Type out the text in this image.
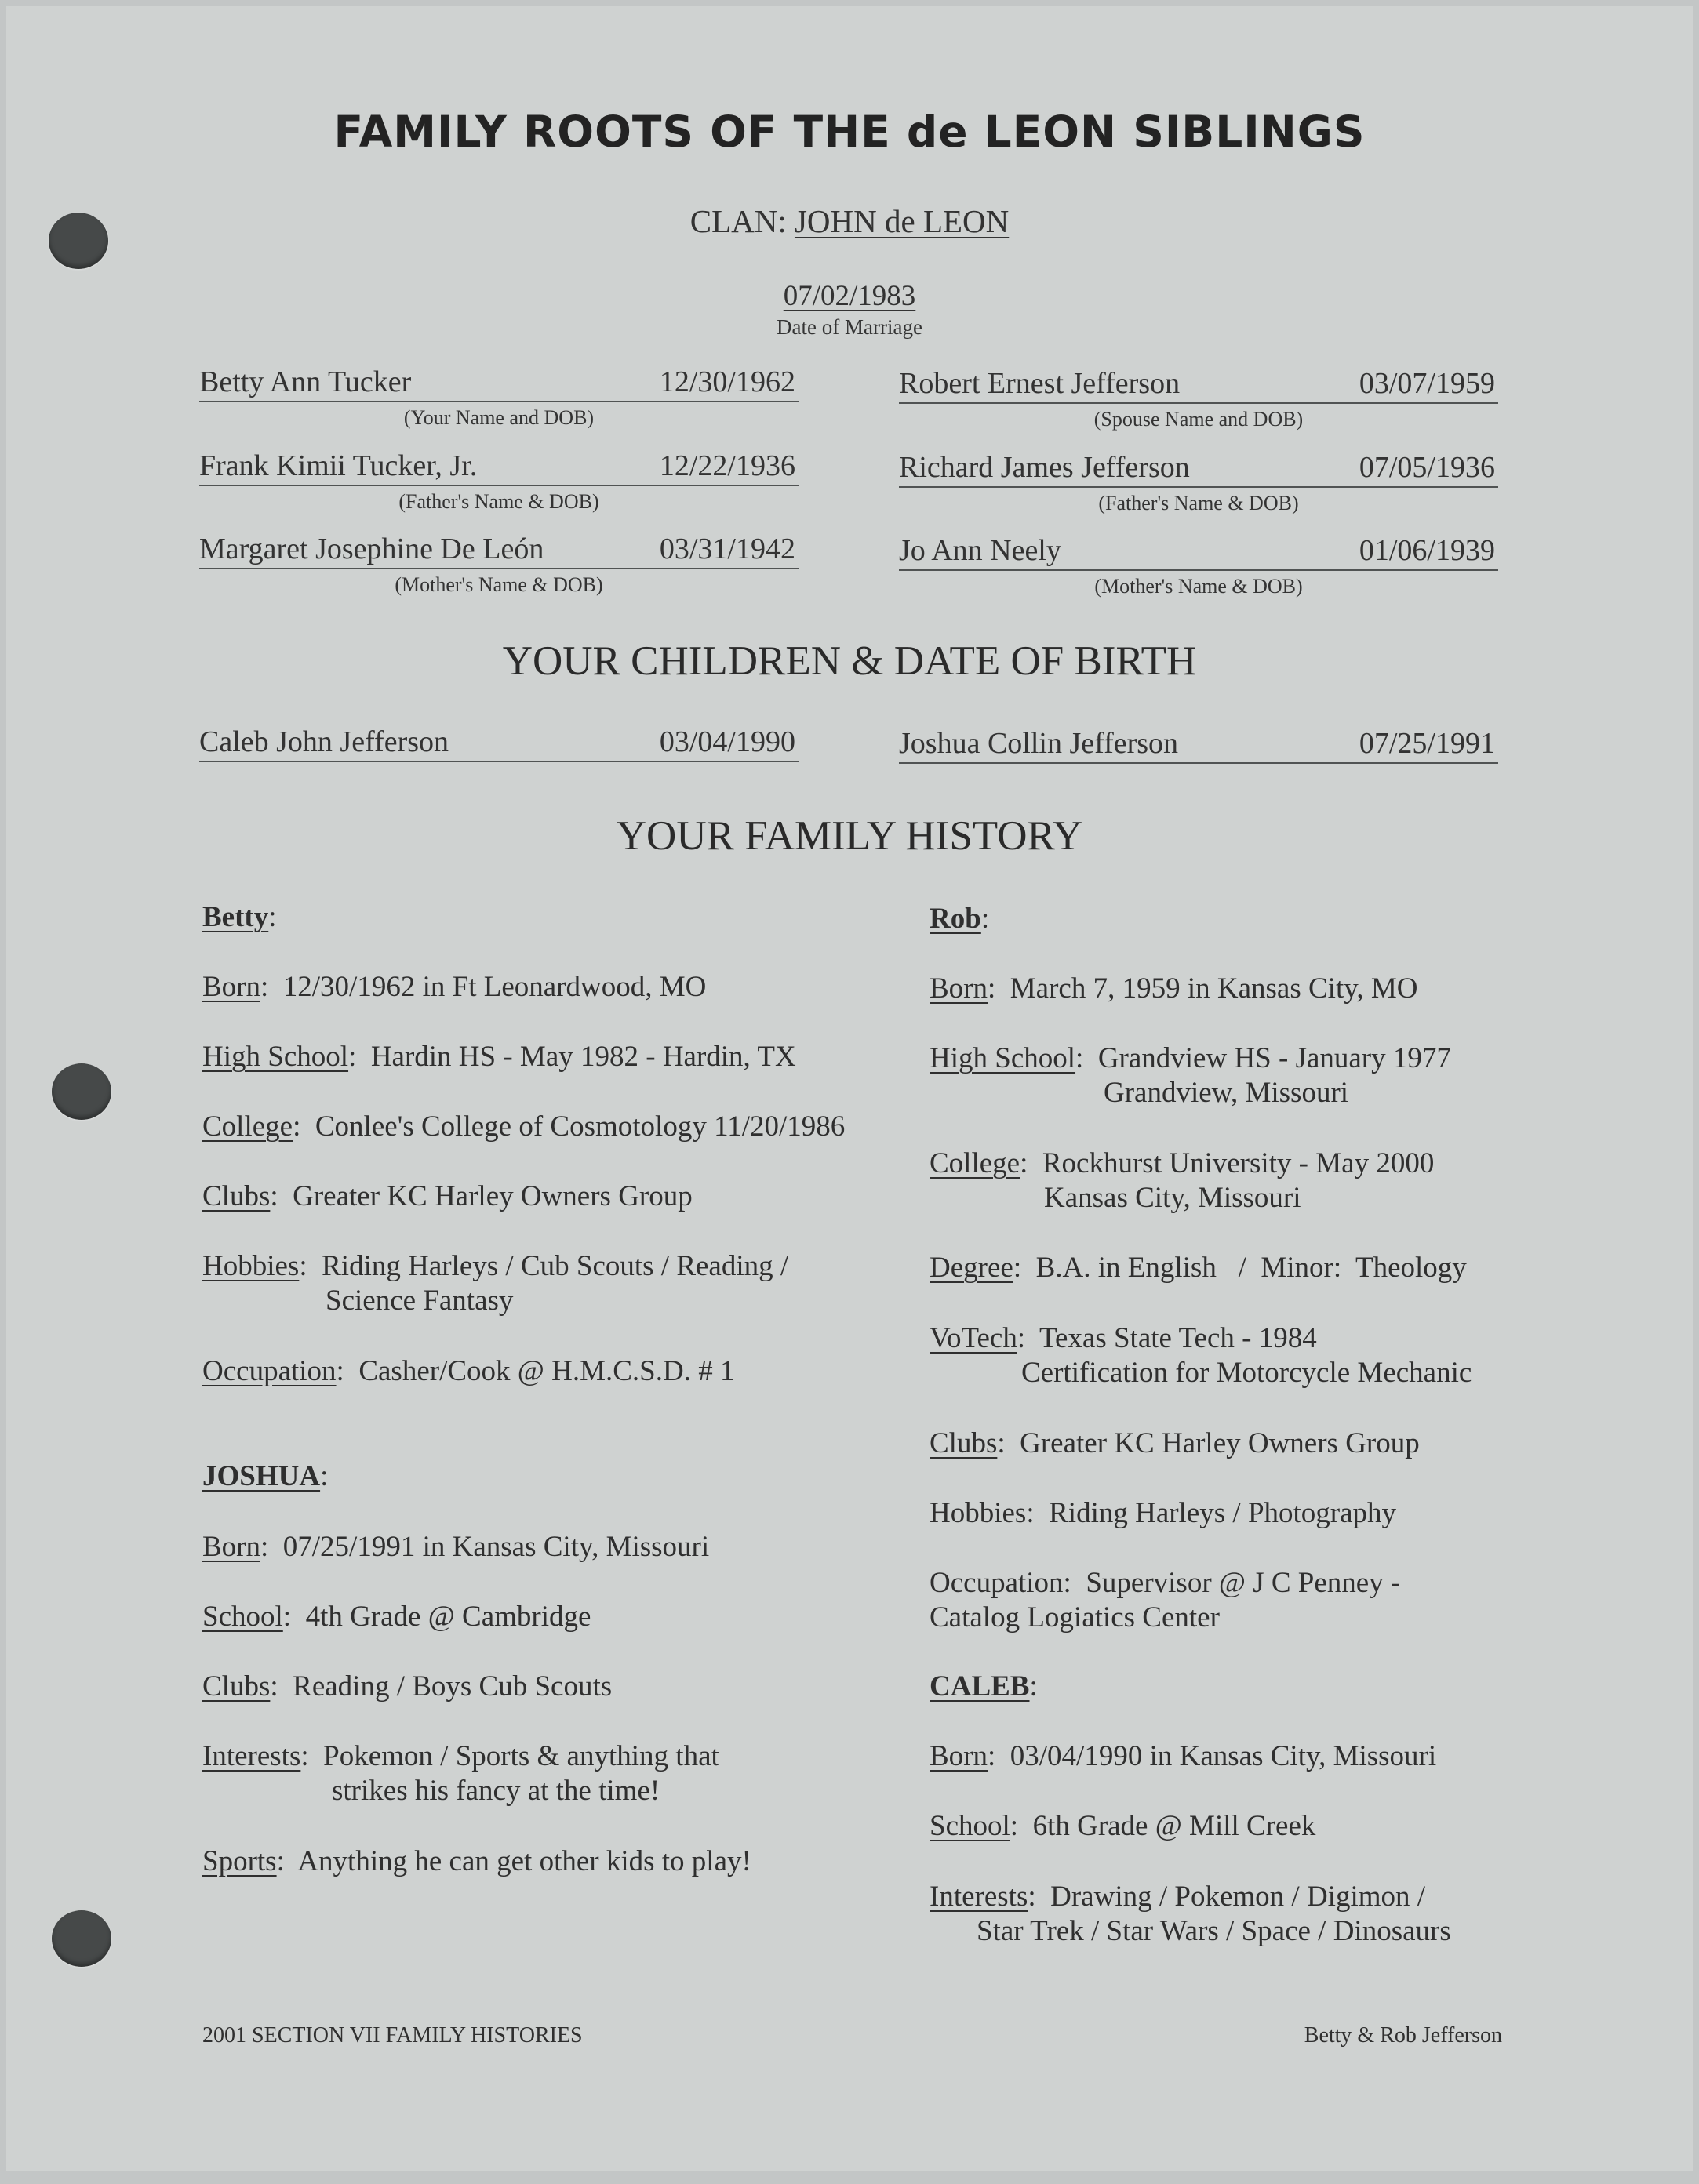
FAMILY ROOTS OF THE de LEON SIBLINGS
CLAN: JOHN de LEON
07/02/1983
Date of Marriage
Betty Ann Tucker	12/30/1962
(Your Name and DOB)
Frank Kimii Tucker, Jr.	12/22/1936
(Father's Name & DOB)
Margaret Josephine De León	03/31/1942
(Mother's Name & DOB)
Robert Ernest Jefferson	03/07/1959
(Spouse Name and DOB)
Richard James Jefferson	07/05/1936
(Father's Name & DOB)
Jo Ann Neely	01/06/1939
(Mother's Name & DOB)
YOUR CHILDREN & DATE OF BIRTH
Caleb John Jefferson	03/04/1990	Joshua Collin Jefferson	07/25/1991
YOUR FAMILY HISTORY
Betty:
Born:  12/30/1962 in Ft Leonardwood, MO
High School:  Hardin HS - May 1982 - Hardin, TX
College:  Conlee's College of Cosmotology 11/20/1986
Clubs:  Greater KC Harley Owners Group
Hobbies:  Riding Harleys / Cub Scouts / Reading /
Science Fantasy
Occupation:  Casher/Cook @ H.M.C.S.D. # 1
JOSHUA:
Born:  07/25/1991 in Kansas City, Missouri
School:  4th Grade @ Cambridge
Clubs:  Reading / Boys Cub Scouts
Interests:  Pokemon / Sports & anything that
strikes his fancy at the time!
Sports:  Anything he can get other kids to play!
Rob:
Born:  March 7, 1959 in Kansas City, MO
High School:  Grandview HS - January 1977
Grandview, Missouri
College:  Rockhurst University - May 2000
Kansas City, Missouri
Degree:  B.A. in English   /  Minor:  Theology
VoTech:  Texas State Tech - 1984
Certification for Motorcycle Mechanic
Clubs:  Greater KC Harley Owners Group
Hobbies: Riding Harleys / Photography
Occupation: Supervisor @ J C Penney -
Catalog Logiatics Center
CALEB:
Born:  03/04/1990 in Kansas City, Missouri
School:  6th Grade @ Mill Creek
Interests:  Drawing / Pokemon / Digimon /
Star Trek / Star Wars / Space / Dinosaurs
2001 SECTION VII FAMILY HISTORIES	Betty & Rob Jefferson
